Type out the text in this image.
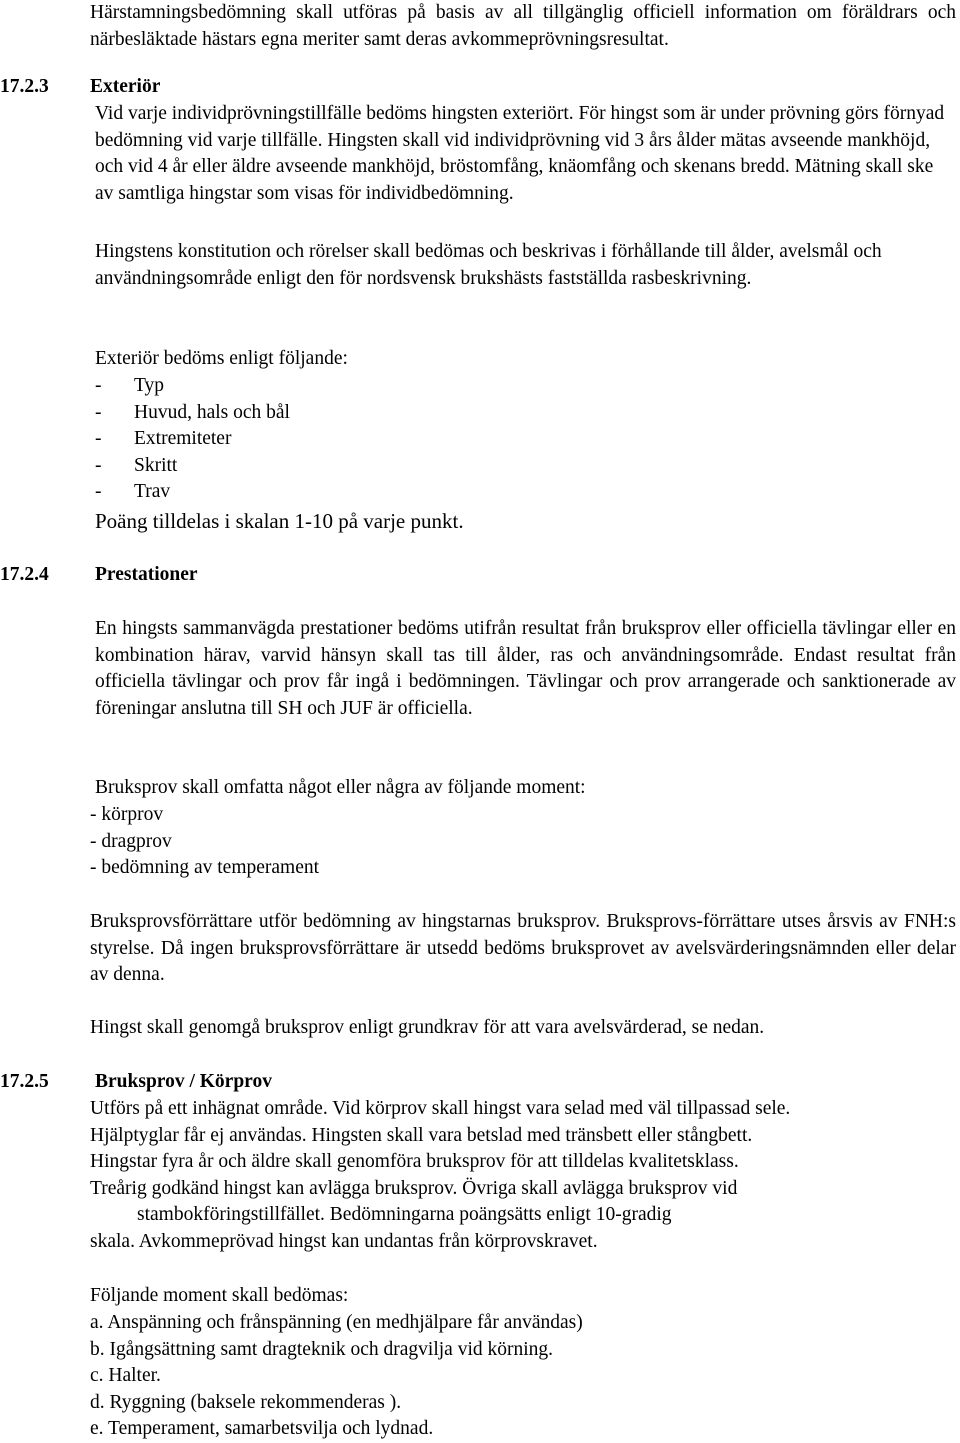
Härstamningsbedömning skall utföras på basis av all tillgänglig officiell information om föräldrars och närbesläktade hästars egna meriter samt deras avkommeprövningsresultat.

17.2.3 Exteriör

Vid varje individprövningstillfälle bedöms hingsten exteriört. För hingst som är under prövning görs förnyad bedömning vid varje tillfälle. Hingsten skall vid individprövning vid 3 års ålder mätas avseende mankhöjd, och vid 4 år eller äldre avseende mankhöjd, bröstomfång, knäomfång och skenans bredd. Mätning skall ske av samtliga hingstar som visas för individbedömning.

Hingstens konstitution och rörelser skall bedömas och beskrivas i förhållande till ålder, avelsmål och användningsområde enligt den för nordsvensk brukshästs fastställda rasbeskrivning.

Exteriör bedöms enligt följande:
- Typ
- Huvud, hals och bål
- Extremiteter
- Skritt
- Trav
Poäng tilldelas i skalan 1-10 på varje punkt.
17.2.4 Prestationer

En hingsts sammanvägda prestationer bedöms utifrån resultat från bruksprov eller officiella tävlingar eller en kombination härav, varvid hänsyn skall tas till ålder, ras och användningsområde. Endast resultat från officiella tävlingar och prov får ingå i bedömningen. Tävlingar och prov arrangerade och sanktionerade av föreningar anslutna till SH och JUF är officiella.

Bruksprov skall omfatta något eller några av följande moment:
- körprov
- dragprov
- bedömning av temperament

Bruksprovsförrättare utför bedömning av hingstarnas bruksprov. Bruksprovs-förrättare utses årsvis av FNH:s styrelse. Då ingen bruksprovsförrättare är utsedd bedöms bruksprovet av avelsvärderingsnämnden eller delar av denna.

Hingst skall genomgå bruksprov enligt grundkrav för att vara avelsvärderad, se nedan.
17.2.5 Bruksprov / Körprov
Utförs på ett inhägnat område. Vid körprov skall hingst vara selad med väl tillpassad sele.
Hjälptyglar får ej användas. Hingsten skall vara betslad med tränsbett eller stångbett.
Hingstar fyra år och äldre skall genomföra bruksprov för att tilldelas kvalitetsklass.
Treårig godkänd hingst kan avlägga bruksprov. Övriga skall avlägga bruksprov vid
stambokföringstillfället. Bedömningarna poängsätts enligt 10-gradig
skala. Avkommeprövad hingst kan undantas från körprovskravet.
Följande moment skall bedömas:
a. Anspänning och frånspänning (en medhjälpare får användas)
b. Igångsättning samt dragteknik och dragvilja vid körning.
c. Halter.
d. Ryggning (baksele rekommenderas ).
e. Temperament, samarbetsvilja och lydnad.
